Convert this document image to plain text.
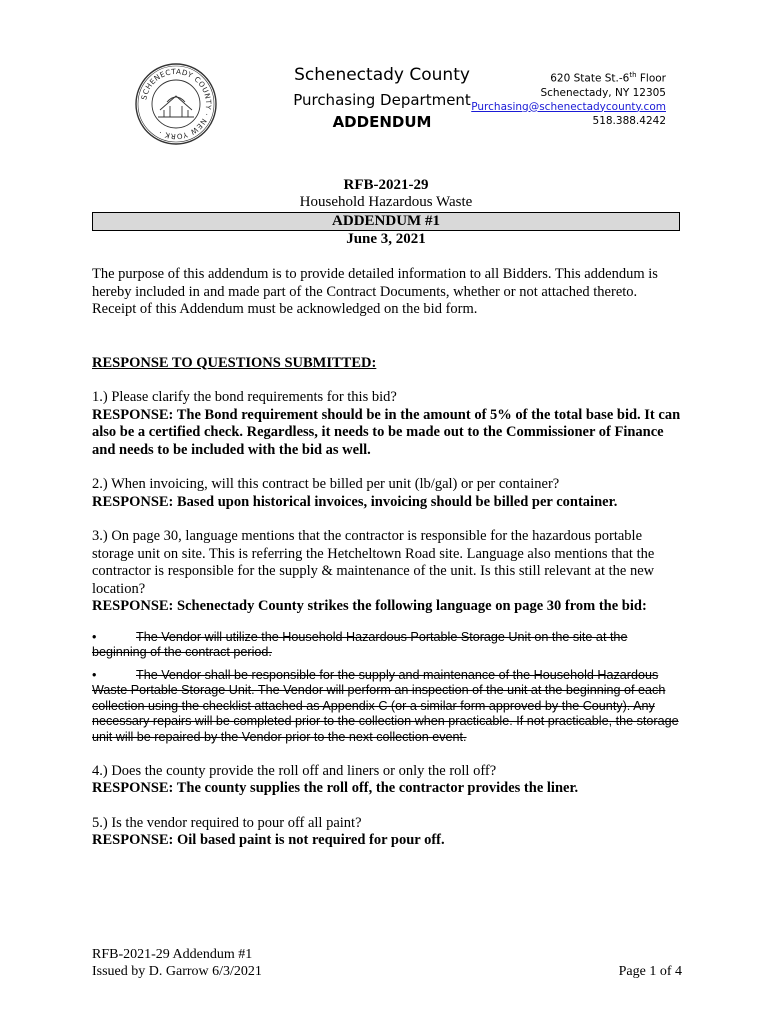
SCHENECTADY COUNTY · NEW YORK ·
Schenectady County
Purchasing Department
ADDENDUM
620 State St.-6th Floor
Schenectady, NY 12305
Purchasing@schenectadycounty.com
518.388.4242
RFB-2021-29
Household Hazardous Waste
ADDENDUM #1
June 3, 2021

The purpose of this addendum is to provide detailed information to all Bidders. This addendum is hereby included in and made part of the Contract Documents, whether or not attached thereto. Receipt of this Addendum must be acknowledged on the bid form.

RESPONSE TO QUESTIONS SUBMITTED:

1.) Please clarify the bond requirements for this bid?

RESPONSE: The Bond requirement should be in the amount of 5% of the total base bid. It can also be a certified check. Regardless, it needs to be made out to the Commissioner of Finance and needs to be included with the bid as well.

2.) When invoicing, will this contract be billed per unit (lb/gal) or per container?

RESPONSE: Based upon historical invoices, invoicing should be billed per container.

3.) On page 30, language mentions that the contractor is responsible for the hazardous portable storage unit on site. This is referring the Hetcheltown Road site. Language also mentions that the contractor is responsible for the supply & maintenance of the unit. Is this still relevant at the new location?

RESPONSE: Schenectady County strikes the following language on page 30 from the bid:

•	The Vendor will utilize the Household Hazardous Portable Storage Unit on the site at the beginning of the contract period.

•	The Vendor shall be responsible for the supply and maintenance of the Household Hazardous Waste Portable Storage Unit. The Vendor will perform an inspection of the unit at the beginning of each collection using the checklist attached as Appendix C (or a similar form approved by the County). Any necessary repairs will be completed prior to the collection when practicable. If not practicable, the storage unit will be repaired by the Vendor prior to the next collection event.

4.) Does the county provide the roll off and liners or only the roll off?

RESPONSE: The county supplies the roll off, the contractor provides the liner.

5.) Is the vendor required to pour off all paint?

RESPONSE: Oil based paint is not required for pour off.

RFB-2021-29 Addendum #1
Issued by D. Garrow 6/3/2021	Page 1 of 4
